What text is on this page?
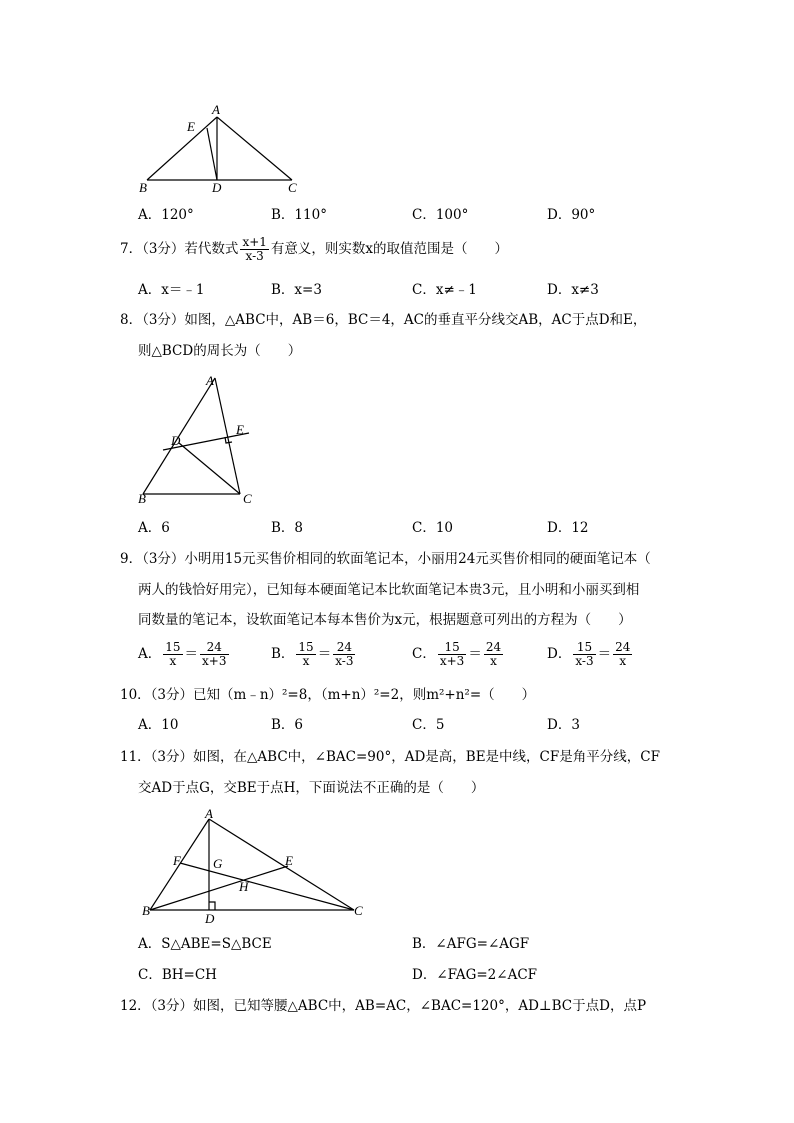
A
E
B	D	C
A．120°	B．110°	C．100°	D．90°
7．（3分）若代数式 $\frac{x+1}{x-3}$ 有意义，则实数x的取值范围是（　　）
A．x＝﹣1	B．x=3	C．x≠﹣1	D．x≠3
8．（3分）如图，△ABC中，AB＝6，BC＝4，AC的垂直平分线交AB，AC于点D和E，
则△BCD的周长为（　　）
A
D
E
B	C
A．6	B．8	C．10	D．12
9．（3分）小明用15元买售价相同的软面笔记本，小丽用24元买售价相同的硬面笔记本（
两人的钱恰好用完），已知每本硬面笔记本比软面笔记本贵3元，且小明和小丽买到相
同数量的笔记本，设软面笔记本每本售价为x元，根据题意可列出的方程为（　　）
A． $\frac{15}{x} = \frac{24}{x+3}$	B． $\frac{15}{x} = \frac{24}{x-3}$	C． $\frac{15}{x+3} = \frac{24}{x}$	D． $\frac{15}{x-3} = \frac{24}{x}$
10．（3分）已知（m﹣n）²=8，（m+n）²=2，则m²+n²=（　　）
A．10	B．6	C．5	D．3
11．（3分）如图，在△ABC中，∠BAC=90°，AD是高，BE是中线，CF是角平分线，CF
交AD于点G，交BE于点H，下面说法不正确的是（　　）
A
F G	E
H
B
D
C
A．S△ABE=S△BCE	B．∠AFG=∠AGF
C．BH=CH	D．∠FAG=2∠ACF
12．（3分）如图，已知等腰△ABC中，AB=AC，∠BAC=120°，AD⊥BC于点D，点P
